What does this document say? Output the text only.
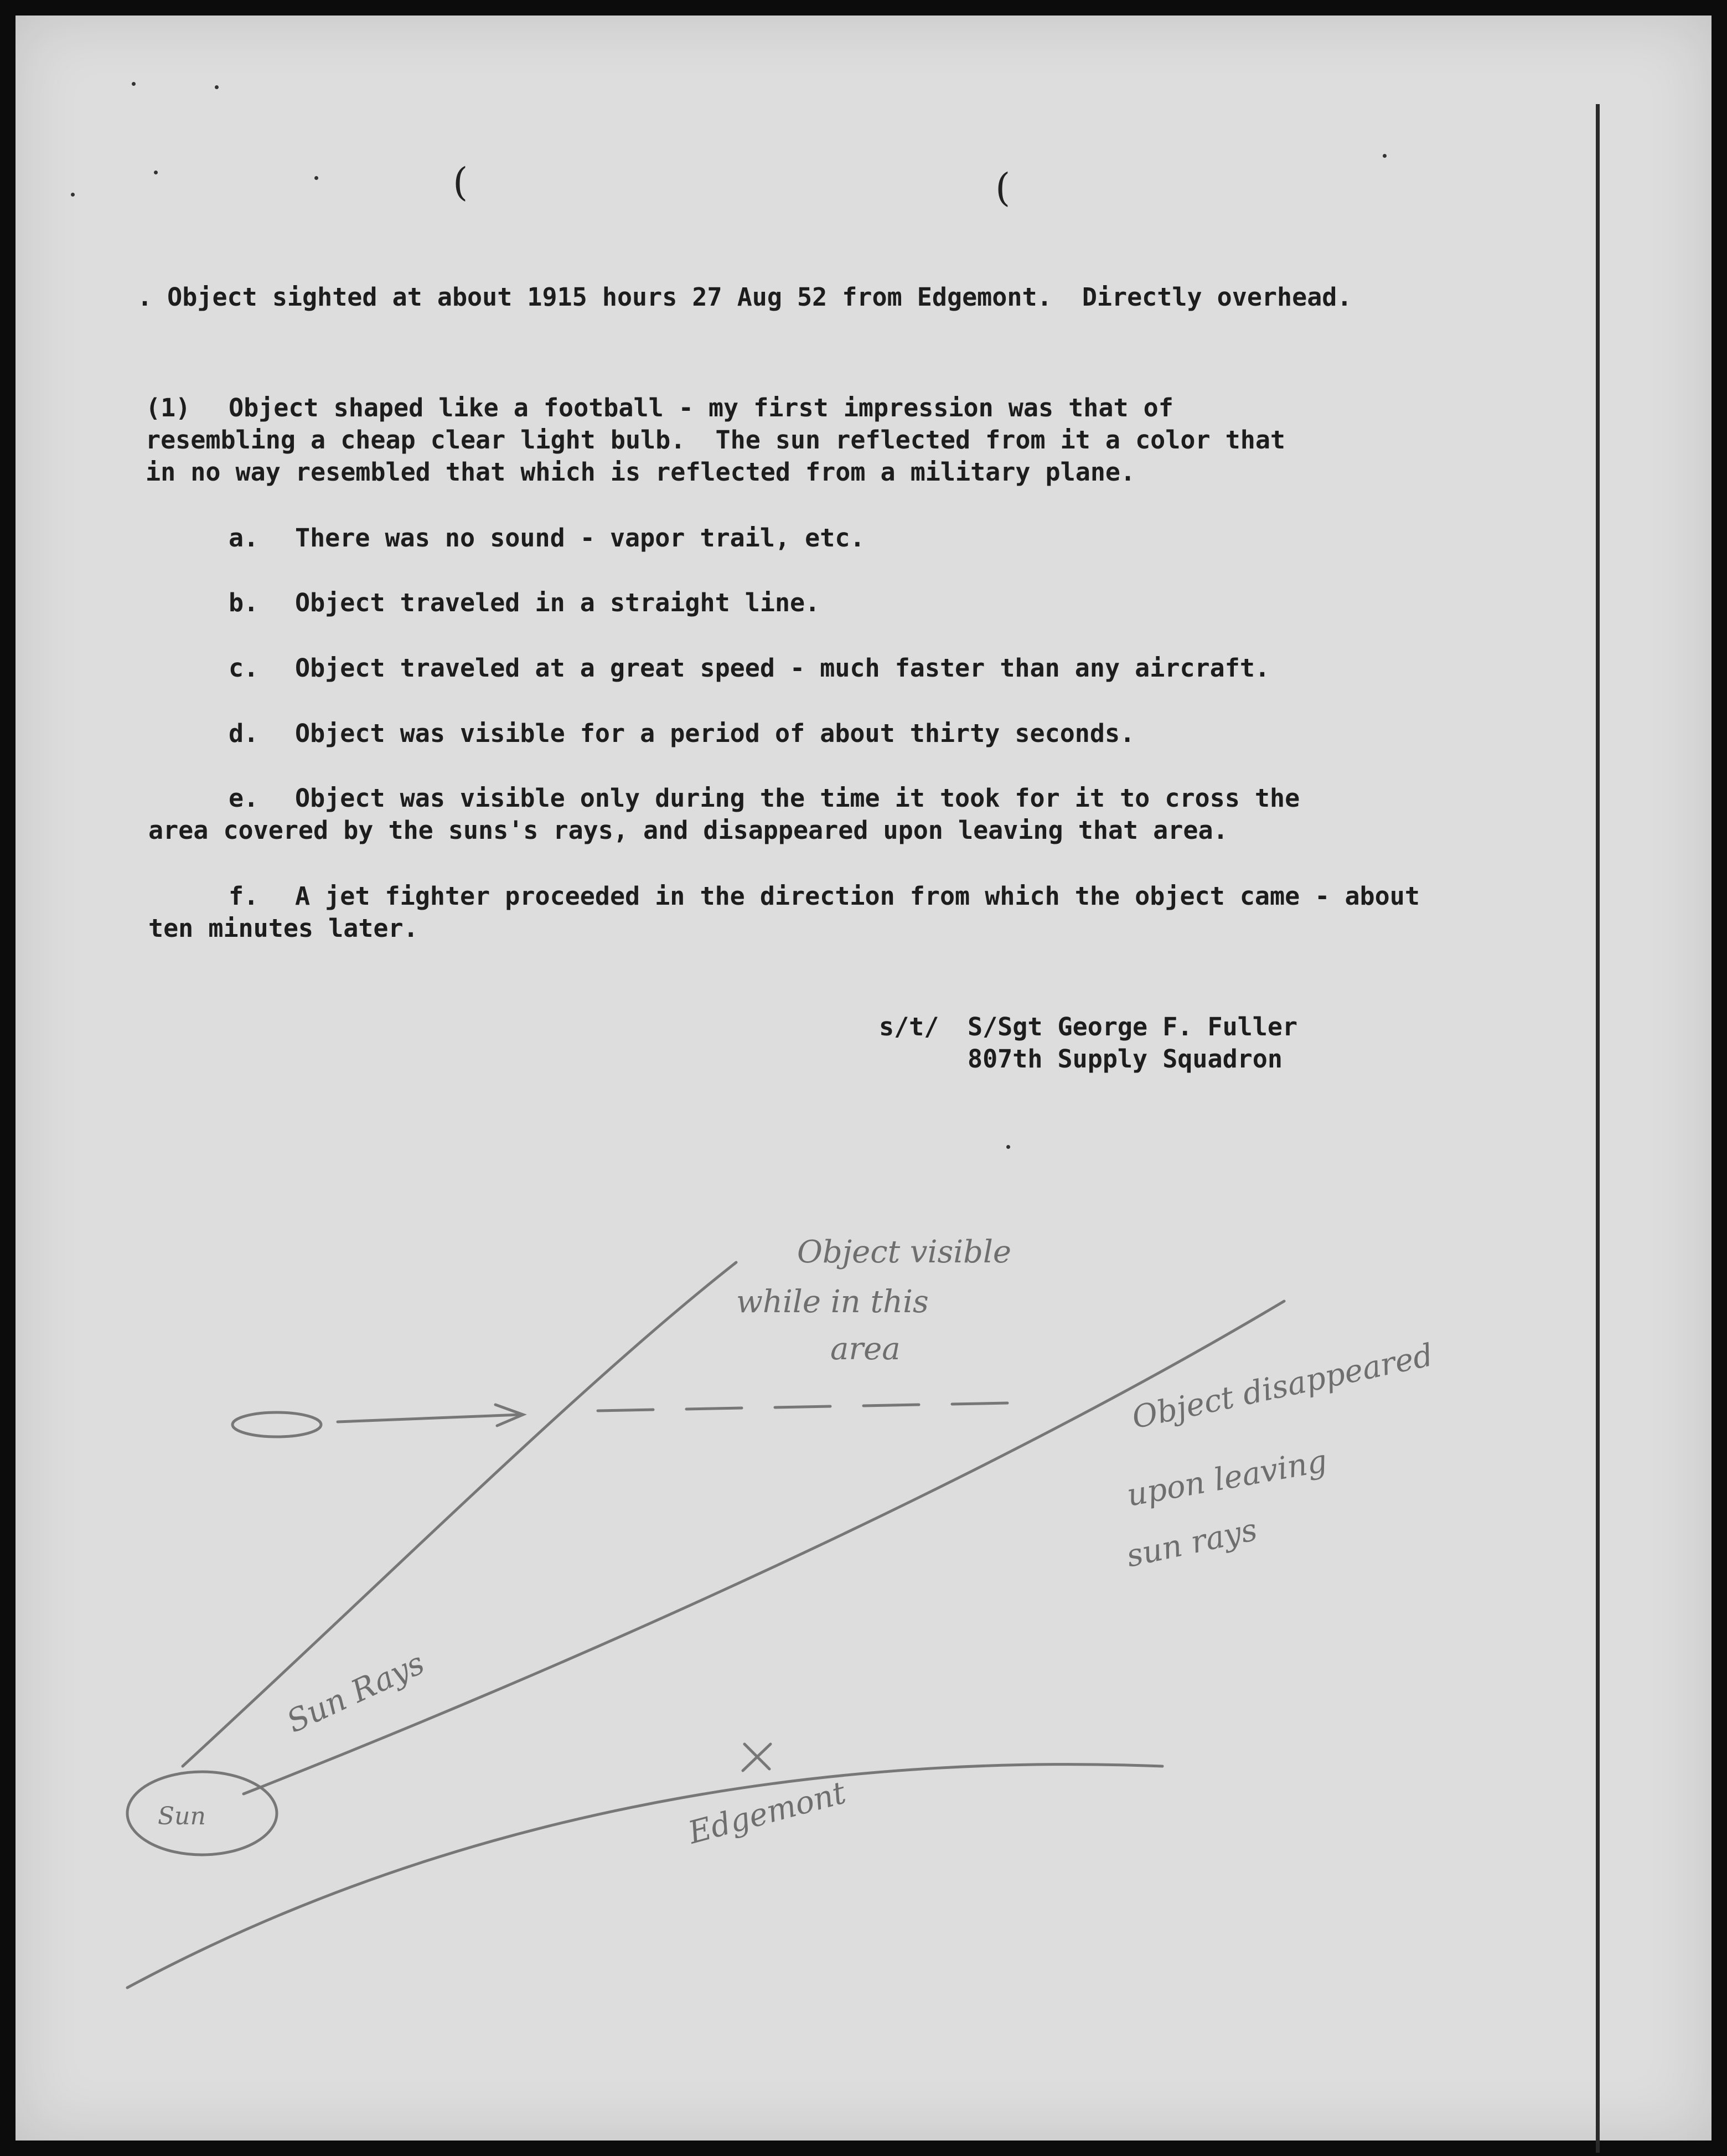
(	(

. Object sighted at about 1915 hours 27 Aug 52 from Edgemont.  Directly overhead.

(1) Object shaped like a football - my first impression was that of

resembling a cheap clear light bulb.  The sun reflected from it a color that

in no way resembled that which is reflected from a military plane.

a. There was no sound - vapor trail, etc.

b. Object traveled in a straight line.

c. Object traveled at a great speed - much faster than any aircraft.

d. Object was visible for a period of about thirty seconds.

e. Object was visible only during the time it took for it to cross the

area covered by the suns's rays, and disappeared upon leaving that area.

f. A jet fighter proceeded in the direction from which the object came - about

ten minutes later.

s/t/ S/Sgt George F. Fuller

807th Supply Squadron

Object visible
while in this
area	Object disappeared
upon leaving
sun rays
Sun Rays
Sun	Edgemont
